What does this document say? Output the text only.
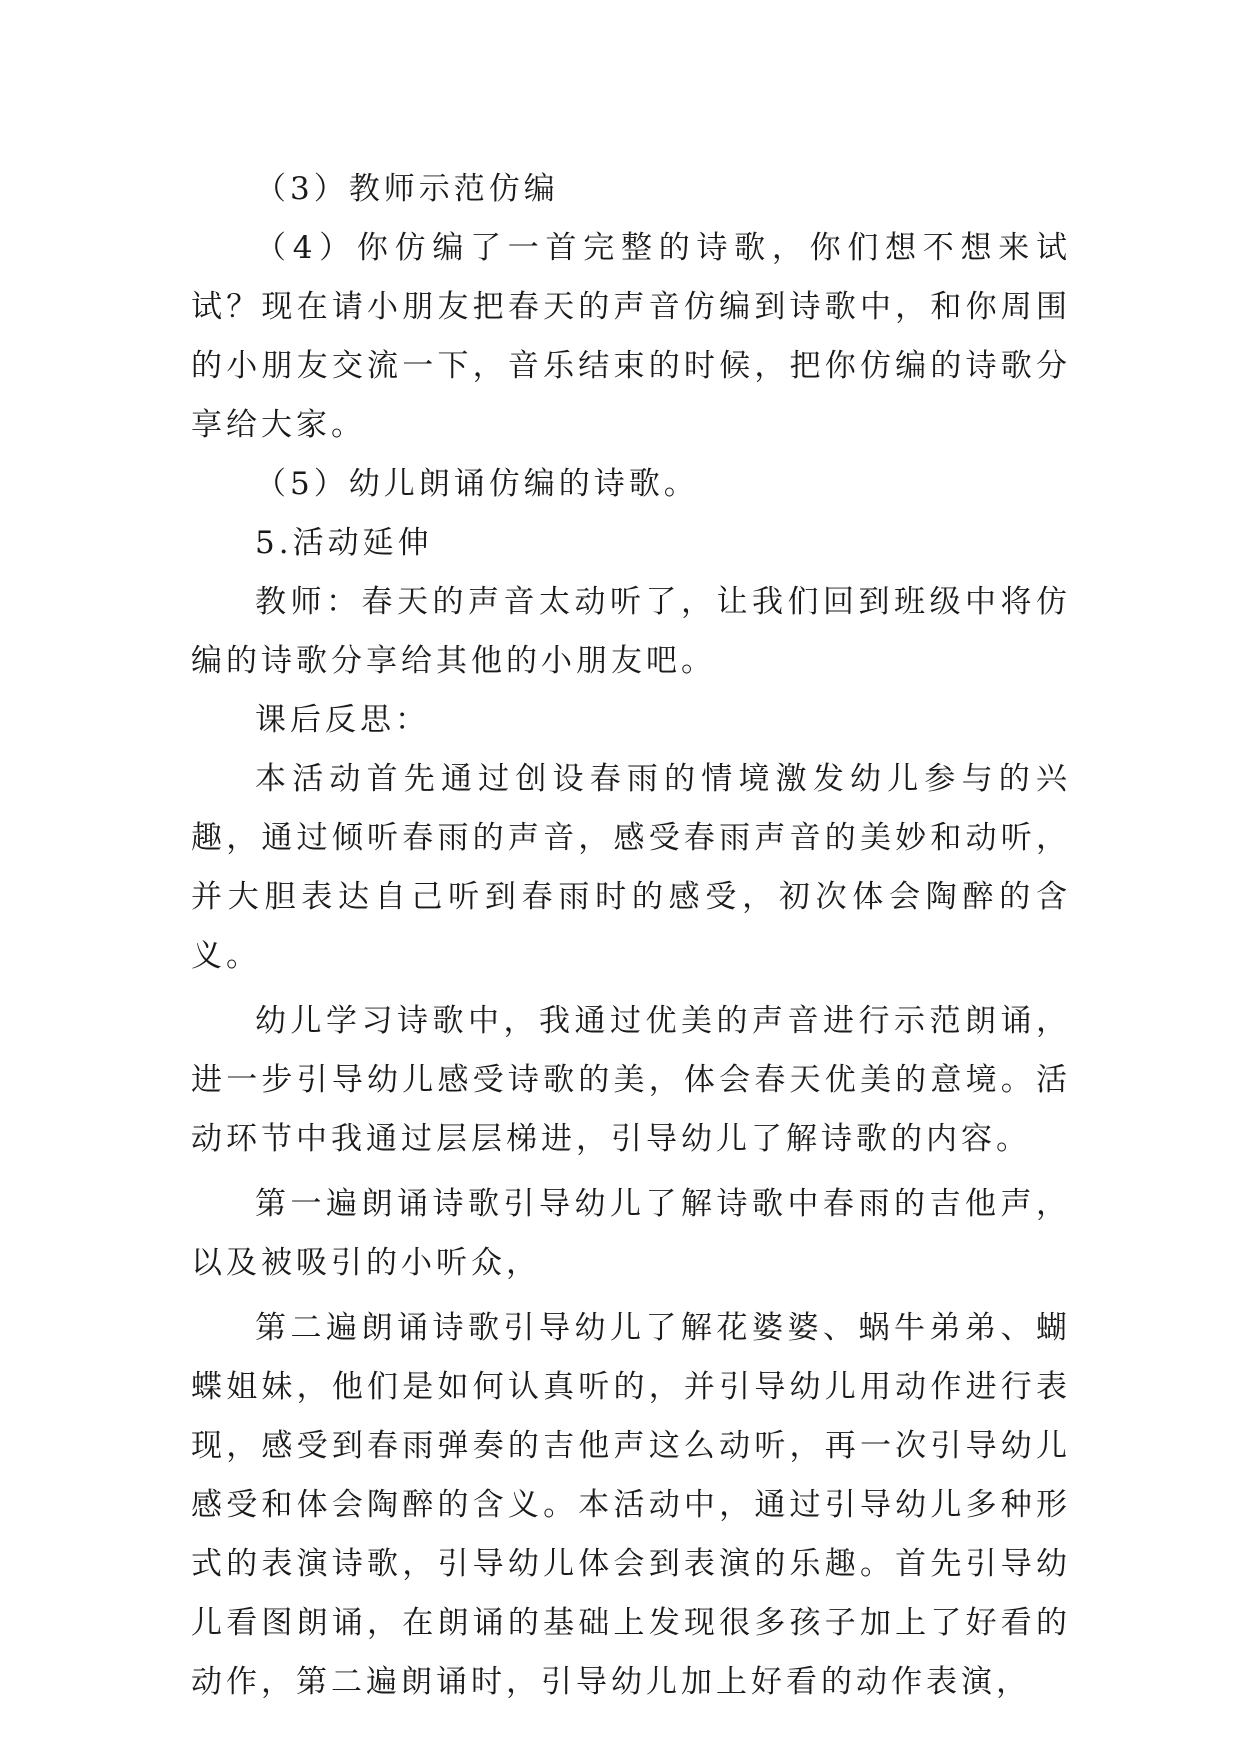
（3）教师示范仿编

（4）你仿编了一首完整的诗歌，你们想不想来试试？现在请小朋友把春天的声音仿编到诗歌中，和你周围的小朋友交流一下，音乐结束的时候，把你仿编的诗歌分享给大家。

（5）幼儿朗诵仿编的诗歌。

5.活动延伸

教师：春天的声音太动听了，让我们回到班级中将仿编的诗歌分享给其他的小朋友吧。

课后反思：

本活动首先通过创设春雨的情境激发幼儿参与的兴趣，通过倾听春雨的声音，感受春雨声音的美妙和动听，并大胆表达自己听到春雨时的感受，初次体会陶醉的含义。

幼儿学习诗歌中，我通过优美的声音进行示范朗诵，进一步引导幼儿感受诗歌的美，体会春天优美的意境。活动环节中我通过层层梯进，引导幼儿了解诗歌的内容。

第一遍朗诵诗歌引导幼儿了解诗歌中春雨的吉他声，以及被吸引的小听众，

第二遍朗诵诗歌引导幼儿了解花婆婆、蜗牛弟弟、蝴蝶姐妹，他们是如何认真听的，并引导幼儿用动作进行表现，感受到春雨弹奏的吉他声这么动听，再一次引导幼儿感受和体会陶醉的含义。本活动中，通过引导幼儿多种形式的表演诗歌，引导幼儿体会到表演的乐趣。首先引导幼儿看图朗诵，在朗诵的基础上发现很多孩子加上了好看的动作，第二遍朗诵时，引导幼儿加上好看的动作表演，
